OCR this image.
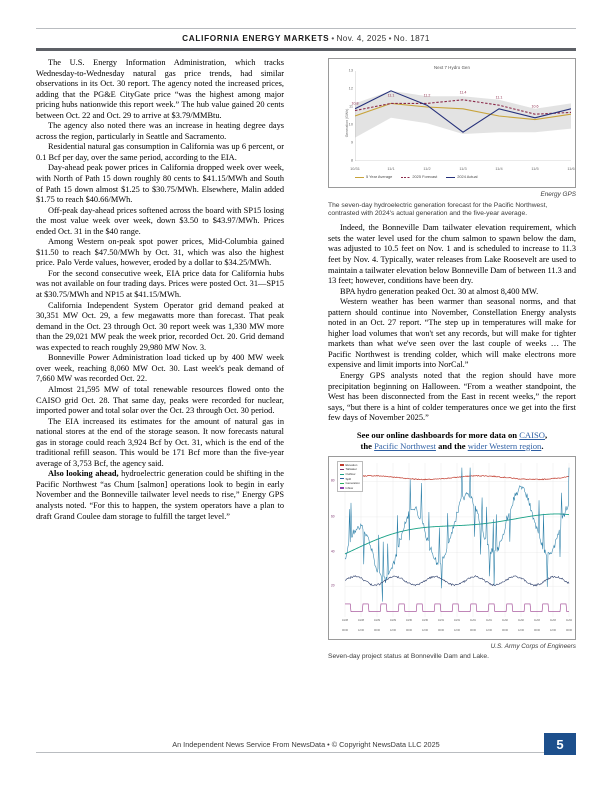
CALIFORNIA ENERGY MARKETS • Nov. 4, 2025 • No. 1871

The U.S. Energy Information Administration, which tracks Wednesday-to-Wednesday natural gas price trends, had similar observations in its Oct. 30 report. The agency noted the increased prices, adding that the PG&E CityGate price “was the highest among major pricing hubs nationwide this report week.” The hub value gained 20 cents between Oct. 22 and Oct. 29 to arrive at $3.79/MMBtu.

The agency also noted there was an increase in heating degree days across the region, particularly in Seattle and Sacramento.

Residential natural gas consumption in California was up 6 percent, or 0.1 Bcf per day, over the same period, according to the EIA.

Day-ahead peak power prices in California dropped week over week, with North of Path 15 down roughly 80 cents to $41.15/MWh and South of Path 15 down almost $1.25 to $30.75/MWh. Elsewhere, Malin added $1.75 to reach $40.66/MWh.

Off-peak day-ahead prices softened across the board with SP15 losing the most value week over week, down $3.50 to $43.97/MWh. Prices ended Oct. 31 in the $40 range.

Among Western on-peak spot power prices, Mid-Columbia gained $11.50 to reach $47.50/MWh by Oct. 31, which was also the highest price. Palo Verde values, however, eroded by a dollar to $34.25/MWh.

For the second consecutive week, EIA price data for California hubs was not available on four trading days. Prices were posted Oct. 31—SP15 at $30.75/MWh and NP15 at $41.15/MWh.

California Independent System Operator grid demand peaked at 30,351 MW Oct. 29, a few megawatts more than forecast. That peak demand in the Oct. 23 through Oct. 30 report week was 1,330 MW more than the 29,021 MW peak the week prior, recorded Oct. 20. Grid demand was expected to reach roughly 29,980 MW Nov. 3.

Bonneville Power Administration load ticked up by 400 MW week over week, reaching 8,060 MW Oct. 30. Last week's peak demand of 7,660 MW was recorded Oct. 22.

Almost 21,595 MW of total renewable resources flowed onto the CAISO grid Oct. 28. That same day, peaks were recorded for nuclear, imported power and total solar over the Oct. 23 through Oct. 30 period.

The EIA increased its estimates for the amount of natural gas in national stores at the end of the storage season. It now forecasts natural gas in storage could reach 3,924 Bcf by Oct. 31, which is the end of the traditional refill season. This would be 171 Bcf more than the five-year average of 3,753 Bcf, the agency said.

Also looking ahead, hydroelectric generation could be shifting in the Pacific Northwest “as Chum [salmon] operations look to begin in early November and the Bonneville tailwater level needs to rise,” Energy GPS analysts noted. “For this to happen, the system operators have a plan to draft Grand Coulee dam storage to fulfill the target level.”

Next 7 Hydro Gen
Generation (GWh)
8
9
10
11
12
13
10/31	11/1	11/2	11/3	11/4	11/5	11/6
10.8
11.1	11.2
11.4
11.1
10.6
5 Year Average	2025 Forecast	2024 Actual
Energy GPS
The seven-day hydroelectric generation forecast for the Pacific Northwest, contrasted with 2024's actual generation and the five-year average.

Indeed, the Bonneville Dam tailwater elevation requirement, which sets the water level used for the chum salmon to spawn below the dam, was adjusted to 10.5 feet on Nov. 1 and is scheduled to increase to 11.3 feet by Nov. 4. Typically, water releases from Lake Roosevelt are used to maintain a tailwater elevation below Bonneville Dam of between 11.3 and 13 feet; however, conditions have been dry.

BPA hydro generation peaked Oct. 30 at almost 8,400 MW.

Western weather has been warmer than seasonal norms, and that pattern should continue into November, Constellation Energy analysts noted in an Oct. 27 report. “The step up in temperatures will make for higher load volumes that won't set any records, but will make for tighter markets than what we've seen over the last couple of weeks … The Pacific Northwest is trending colder, which will make electrons more expensive and limit imports into NorCal.”

Energy GPS analysts noted that the region should have more precipitation beginning on Halloween. “From a weather standpoint, the West has been disconnected from the East in recent weeks,” the report says, “but there is a hint of colder temperatures once we get into the first few days of November 2025.”

See our online dashboards for more data on CAISO,
the Pacific Northwest and the wider Western region.
Elevation
Tailwater
Outflow
Spill
Generation
Inflow
80
60
40
20
10/28
00:00
10/28
12:00
10/29
00:00
10/29
12:00
10/30
00:00
10/30
12:00
10/31
00:00
10/31
12:00
11/01
00:00
11/01
12:00
11/02
00:00
11/02
12:00
11/03
00:00
11/03
12:00
11/04
00:00
U.S. Army Corps of Engineers
Seven-day project status at Bonneville Dam and Lake.
An Independent News Service From NewsData • © Copyright NewsData LLC 2025	5
